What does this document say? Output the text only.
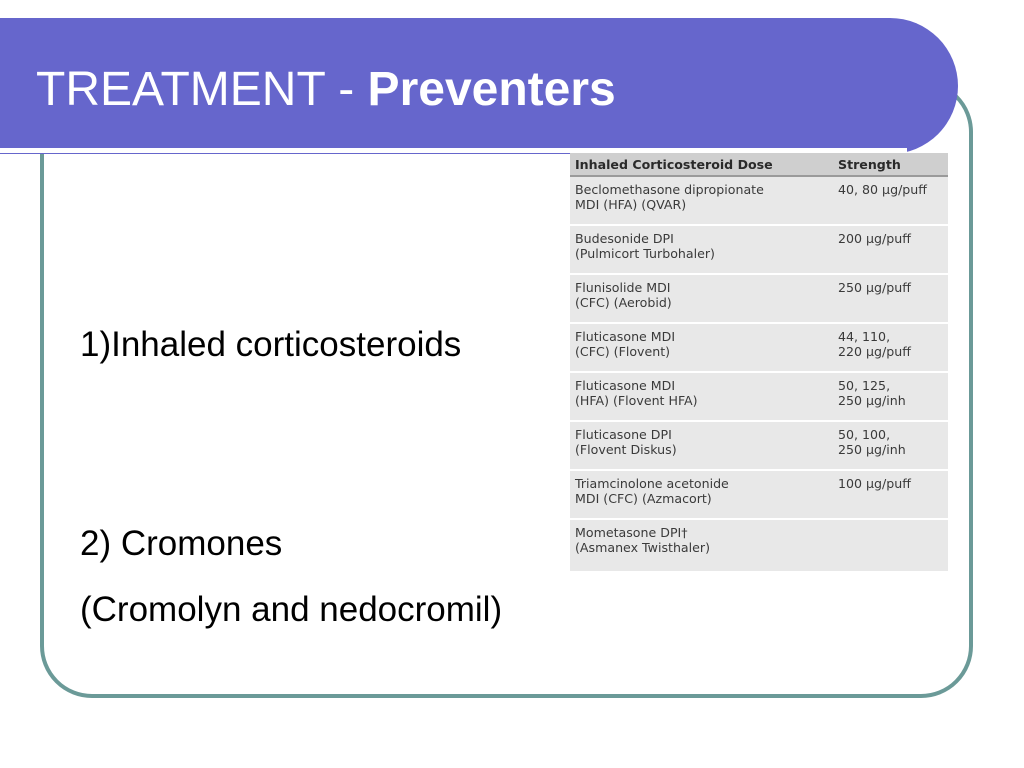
TREATMENT - Preventers
1)Inhaled corticosteroids
2) Cromones
(Cromolyn and nedocromil)
Inhaled Corticosteroid Dose	Strength
Beclomethasone dipropionate
MDI (HFA) (QVAR)
40, 80 µg/puff
Budesonide DPI
(Pulmicort Turbohaler)
200 µg/puff
Flunisolide MDI
(CFC) (Aerobid)
250 µg/puff
Fluticasone MDI
(CFC) (Flovent)
44, 110,
220 µg/puff
Fluticasone MDI
(HFA) (Flovent HFA)
50, 125,
250 µg/inh
Fluticasone DPI
(Flovent Diskus)
50, 100,
250 µg/inh
Triamcinolone acetonide
MDI (CFC) (Azmacort)
100 µg/puff
Mometasone DPI†
(Asmanex Twisthaler)
